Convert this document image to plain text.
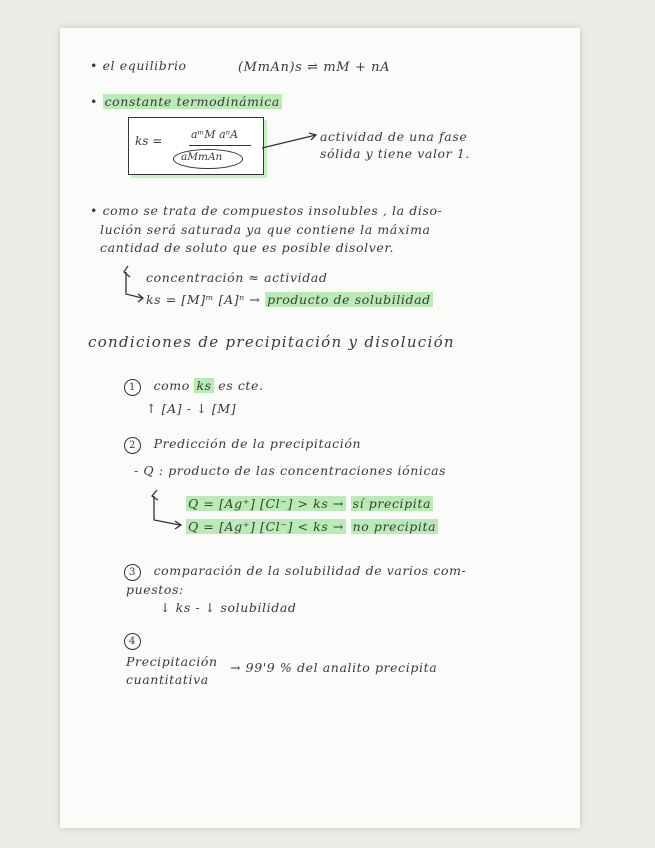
• el equilibrio	(MmAn)s ⇌ mM + nA
• constante termodinámica
ks =	aᵐM aⁿA
aMmAn
actividad de una fase
sólida y tiene valor 1.
• como se trata de compuestos insolubles , la diso-
lución será saturada ya que contiene la máxima
cantidad de soluto que es posible disolver.
concentración ≈ actividad
ks = [M]ᵐ [A]ⁿ → producto de solubilidad
condiciones de precipitación y disolución
1 como ks es cte.
↑ [A] - ↓ [M]
2 Predicción de la precipitación
- Q : producto de las concentraciones iónicas
Q = [Ag⁺] [Cl⁻] > ks → sí precipita
Q = [Ag⁺] [Cl⁻] < ks → no precipita
3 comparación de la solubilidad de varios com-
puestos:
↓ ks - ↓ solubilidad
4
Precipitación
cuantitativa
→ 99'9 % del analito precipita
